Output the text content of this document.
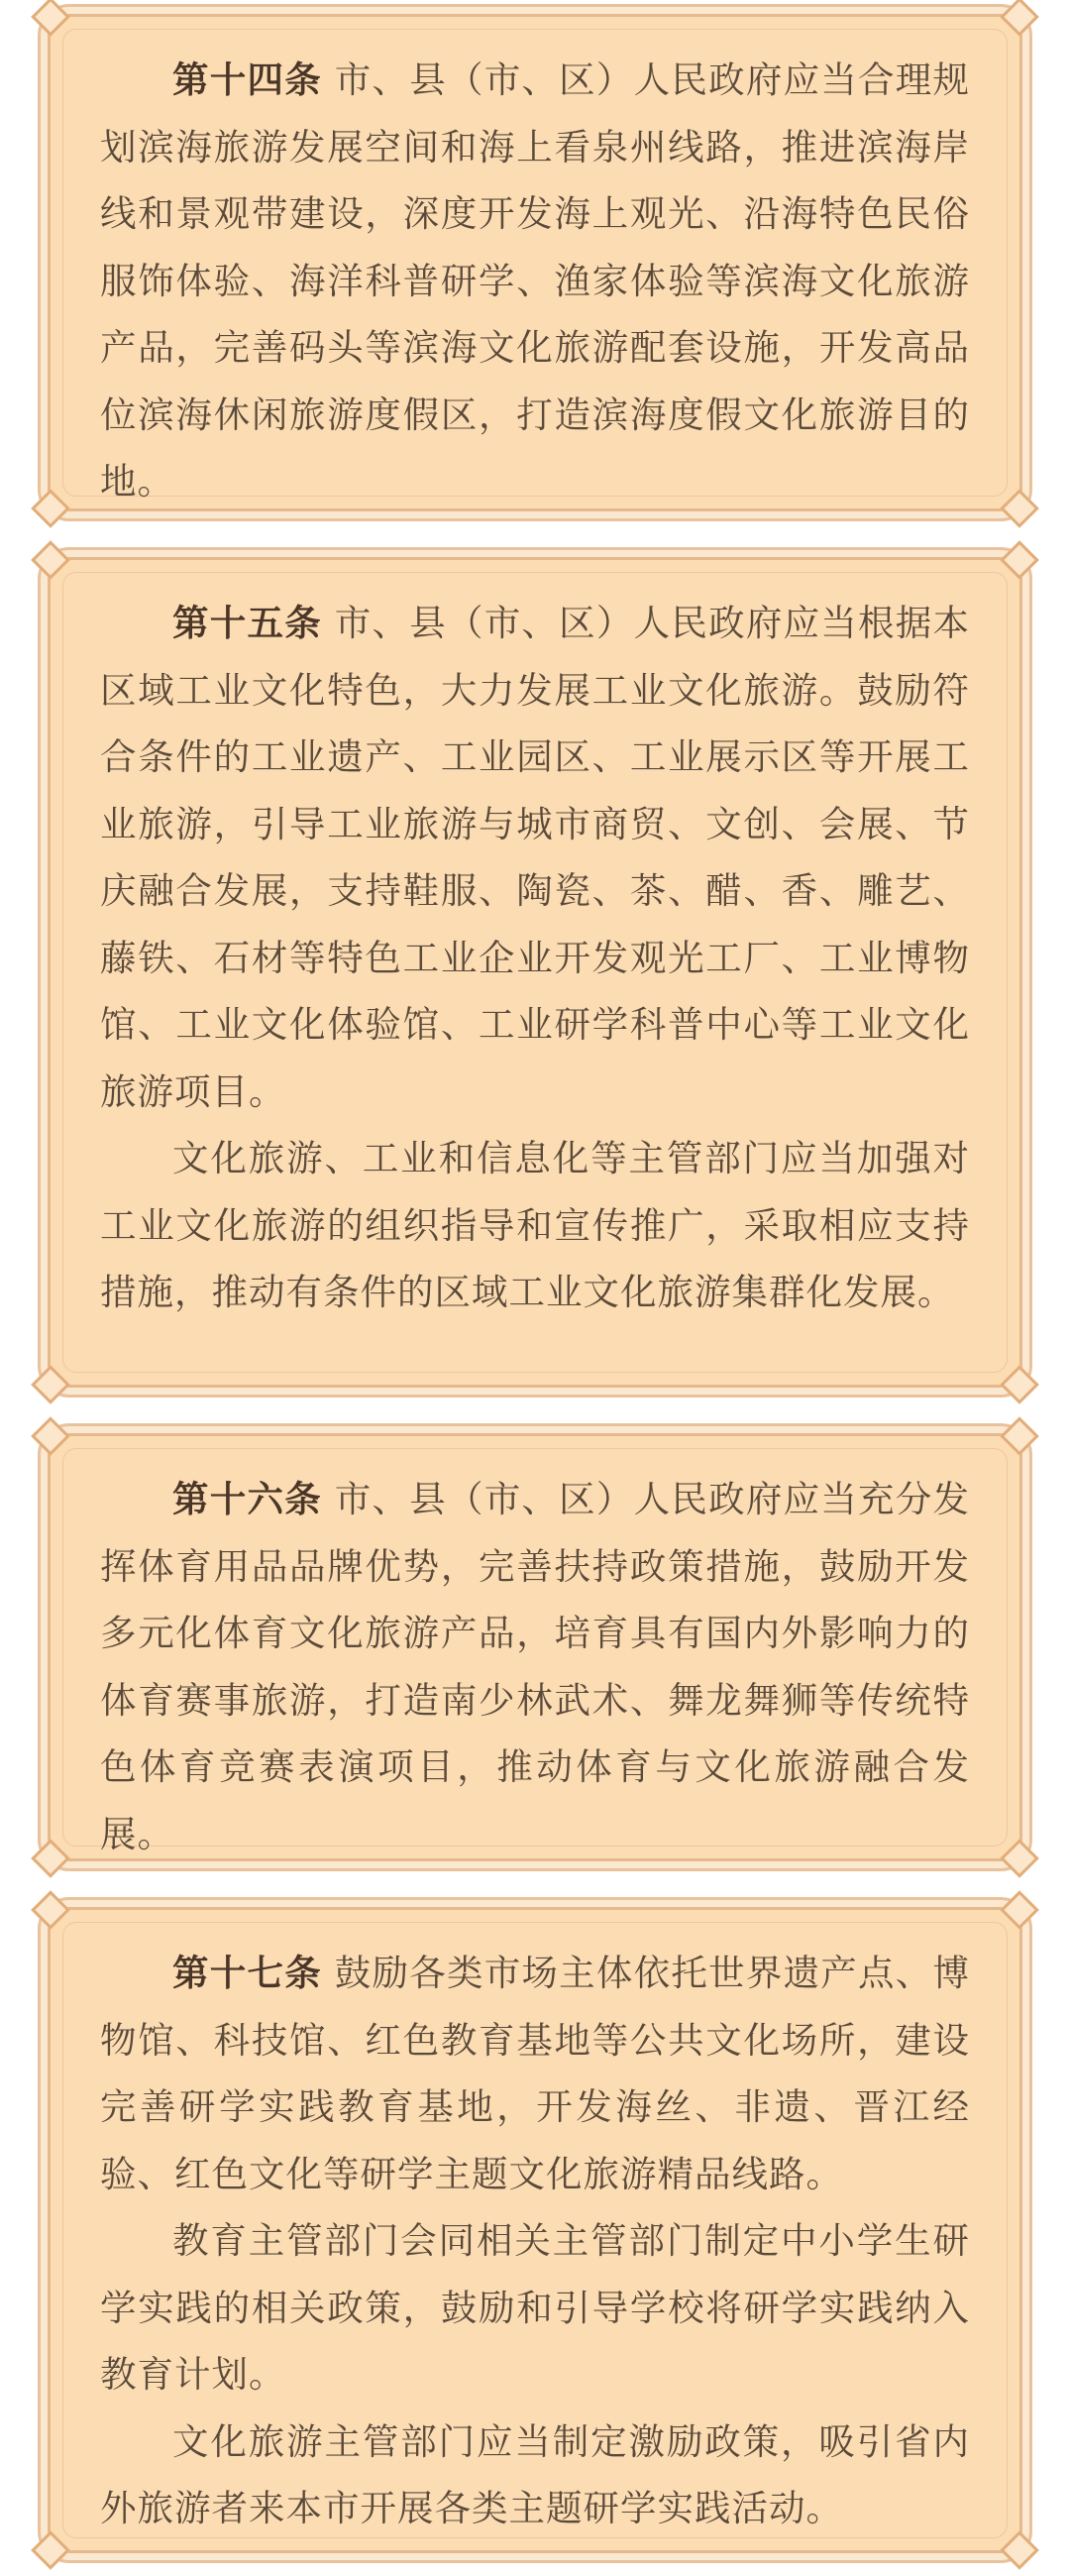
第十四条 市、县（市、区）人民政府应当合理规划滨海旅游发展空间和海上看泉州线路，推进滨海岸线和景观带建设，深度开发海上观光、沿海特色民俗服饰体验、海洋科普研学、渔家体验等滨海文化旅游产品，完善码头等滨海文化旅游配套设施，开发高品位滨海休闲旅游度假区，打造滨海度假文化旅游目的地。

第十五条 市、县（市、区）人民政府应当根据本区域工业文化特色，大力发展工业文化旅游。鼓励符合条件的工业遗产、工业园区、工业展示区等开展工业旅游，引导工业旅游与城市商贸、文创、会展、节庆融合发展，支持鞋服、陶瓷、茶、醋、香、雕艺、藤铁、石材等特色工业企业开发观光工厂、工业博物馆、工业文化体验馆、工业研学科普中心等工业文化旅游项目。

文化旅游、工业和信息化等主管部门应当加强对工业文化旅游的组织指导和宣传推广，采取相应支持措施，推动有条件的区域工业文化旅游集群化发展。

第十六条 市、县（市、区）人民政府应当充分发挥体育用品品牌优势，完善扶持政策措施，鼓励开发多元化体育文化旅游产品，培育具有国内外影响力的体育赛事旅游，打造南少林武术、舞龙舞狮等传统特色体育竞赛表演项目，推动体育与文化旅游融合发展。

第十七条 鼓励各类市场主体依托世界遗产点、博物馆、科技馆、红色教育基地等公共文化场所，建设完善研学实践教育基地，开发海丝、非遗、晋江经验、红色文化等研学主题文化旅游精品线路。

教育主管部门会同相关主管部门制定中小学生研学实践的相关政策，鼓励和引导学校将研学实践纳入教育计划。

文化旅游主管部门应当制定激励政策，吸引省内外旅游者来本市开展各类主题研学实践活动。
